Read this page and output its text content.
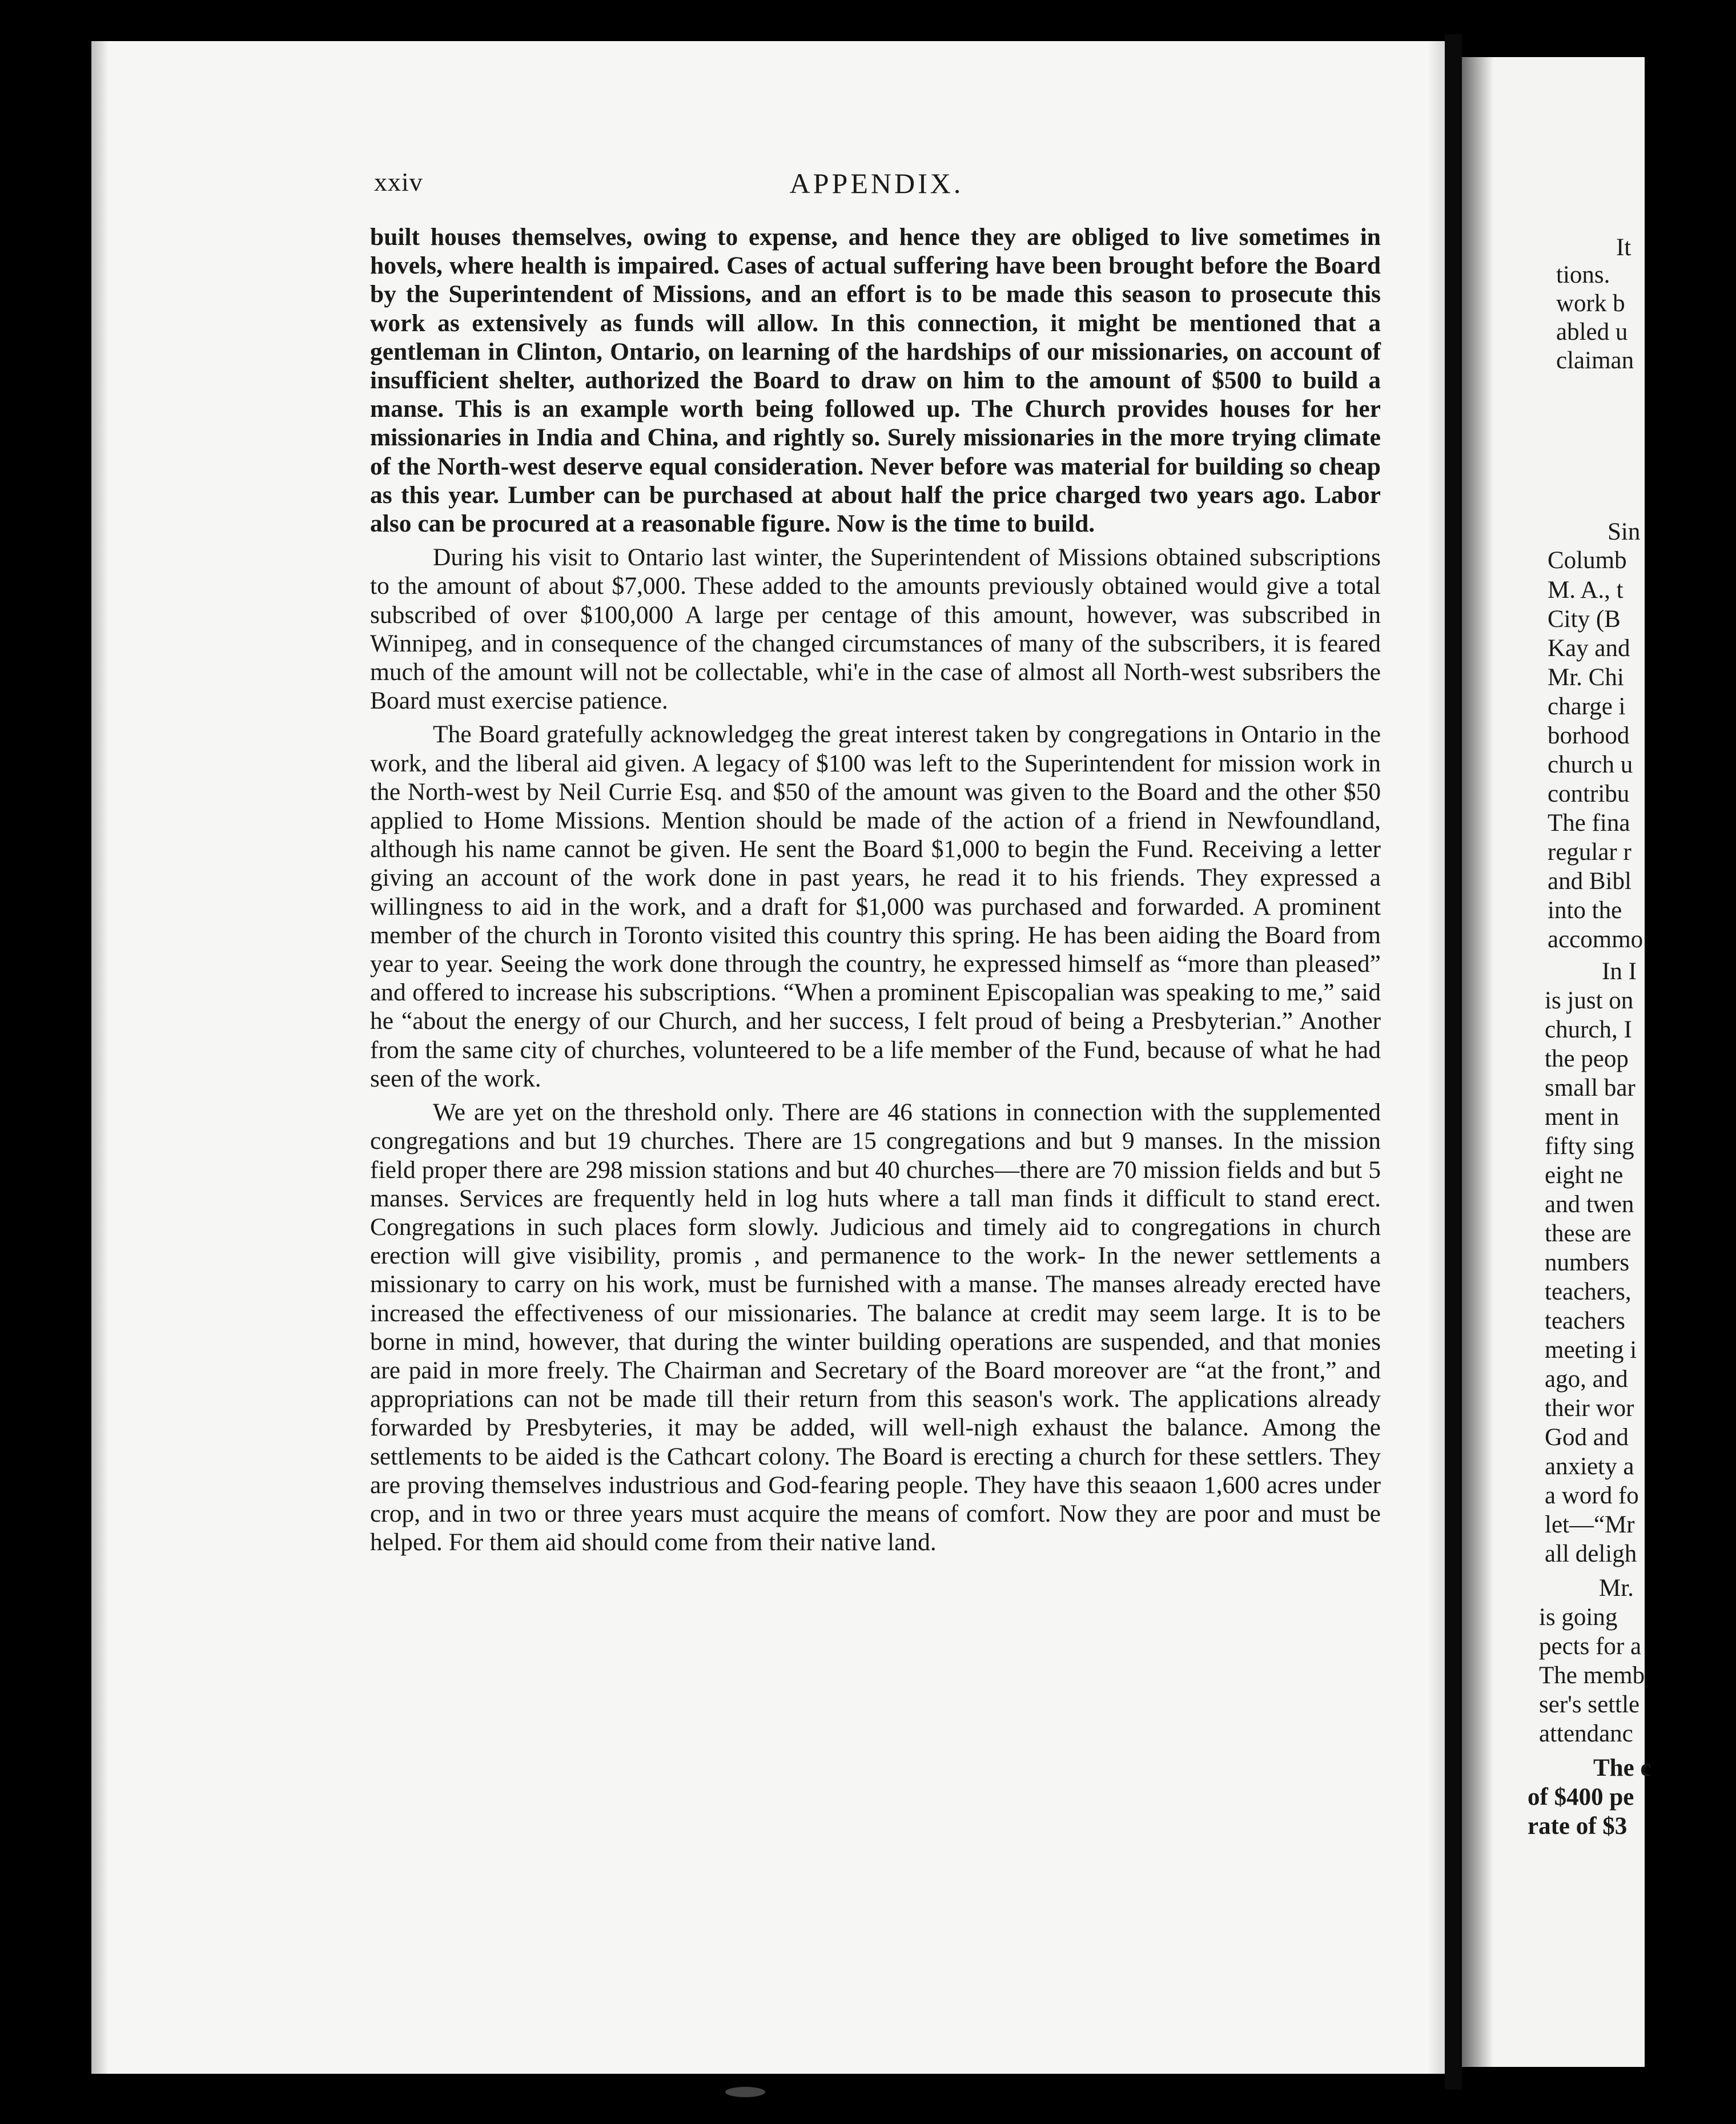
xxiv	APPENDIX.

built houses themselves, owing to expense, and hence they are obliged to live sometimes in hovels, where health is impaired. Cases of actual suffering have been brought before the Board by the Superintendent of Missions, and an effort is to be made this season to prosecute this work as extensively as funds will allow. In this connection, it might be mentioned that a gentleman in Clinton, Ontario, on learning of the hardships of our missionaries, on account of insufficient shelter, authorized the Board to draw on him to the amount of $500 to build a manse. This is an example worth being followed up. The Church provides houses for her missionaries in India and China, and rightly so. Surely missionaries in the more trying climate of the North-west deserve equal consideration. Never before was material for building so cheap as this year. Lumber can be purchased at about half the price charged two years ago. Labor also can be procured at a reasonable figure. Now is the time to build.

During his visit to Ontario last winter, the Superintendent of Missions obtained subscriptions to the amount of about $7,000. These added to the amounts previously obtained would give a total subscribed of over $100,000 A large per centage of this amount, however, was subscribed in Winnipeg, and in consequence of the changed circumstances of many of the subscribers, it is feared much of the amount will not be collectable, whi'e in the case of almost all North-west subsribers the Board must exercise patience.

The Board gratefully acknowledgeg the great interest taken by congregations in Ontario in the work, and the liberal aid given. A legacy of $100 was left to the Superintendent for mission work in the North-west by Neil Currie Esq. and $50 of the amount was given to the Board and the other $50 applied to Home Missions. Mention should be made of the action of a friend in Newfoundland, although his name cannot be given. He sent the Board $1,000 to begin the Fund. Receiving a letter giving an account of the work done in past years, he read it to his friends. They expressed a willingness to aid in the work, and a draft for $1,000 was purchased and forwarded. A prominent member of the church in Toronto visited this country this spring. He has been aiding the Board from year to year. Seeing the work done through the country, he expressed himself as “more than pleased” and offered to increase his subscriptions. “When a prominent Episcopalian was speaking to me,” said he “about the energy of our Church, and her success, I felt proud of being a Presbyterian.” Another from the same city of churches, volunteered to be a life member of the Fund, because of what he had seen of the work.

We are yet on the threshold only. There are 46 stations in connection with the supplemented congregations and but 19 churches. There are 15 congregations and but 9 manses. In the mission field proper there are 298 mission stations and but 40 churches—there are 70 mission fields and but 5 manses. Services are frequently held in log huts where a tall man finds it difficult to stand erect. Congregations in such places form slowly. Judicious and timely aid to congregations in church erection will give visibility, promis , and permanence to the work- In the newer settlements a missionary to carry on his work, must be furnished with a manse. The manses already erected have increased the effectiveness of our missionaries. The balance at credit may seem large. It is to be borne in mind, however, that during the winter building operations are suspended, and that monies are paid in more freely. The Chairman and Secretary of the Board moreover are “at the front,” and appropriations can not be made till their return from this season's work. The applications already forwarded by Presbyteries, it may be added, will well-nigh exhaust the balance. Among the settlements to be aided is the Cathcart colony. The Board is erecting a church for these settlers. They are proving themselves industrious and God-fearing people. They have this seaaon 1,600 acres under crop, and in two or three years must acquire the means of comfort. Now they are poor and must be helped. For them aid should come from their native land.

It
tions.
work b
abled u
claiman
Sin
Columb
M. A., t
City (B
Kay and
Mr. Chi
charge i
borhood
church u
contribu
The fina
regular r
and Bibl
into the
accommo
In I
is just on
church, I
the peop
small bar
ment in
fifty sing
eight ne
and twen
these are
numbers
teachers,
teachers
meeting i
ago, and
their wor
God and
anxiety a
a word fo
let—“Mr
all deligh
Mr.
is going
pects for a
The memb
ser's settle
attendanc
The c
of $400 pe
rate of $3
